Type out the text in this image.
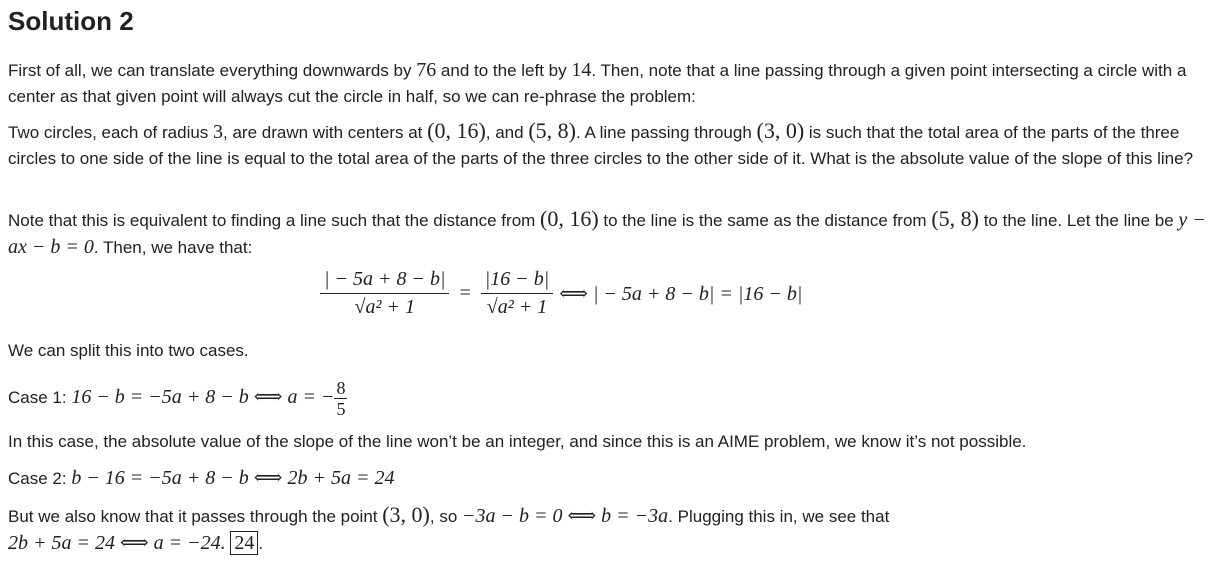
Solution 2

First of all, we can translate everything downwards by 76 and to the left by 14. Then, note that a line passing through a given point intersecting a circle with a center as that given point will always cut the circle in half, so we can re-phrase the problem:

Two circles, each of radius 3, are drawn with centers at (0, 16), and (5, 8). A line passing through (3, 0) is such that the total area of the parts of the three circles to one side of the line is equal to the total area of the parts of the three circles to the other side of it. What is the absolute value of the slope of this line?

Note that this is equivalent to finding a line such that the distance from (0, 16) to the line is the same as the distance from (5, 8) to the line. Let the line be y − ax − b = 0. Then, we have that:

$\frac{| - 5a + 8 - b|}{\text{√a² + 1}} = \frac{|16 - b|}{\text{√a² + 1}}$ ⟺ | − 5a + 8 − b| = |16 − b|

We can split this into two cases.

Case 1: 16 − b = −5a + 8 − b ⟺ a = − $\frac{8}{5}$

In this case, the absolute value of the slope of the line won’t be an integer, and since this is an AIME problem, we know it’s not possible.

Case 2: b − 16 = −5a + 8 − b ⟺ 2b + 5a = 24

But we also know that it passes through the point (3, 0), so −3a − b = 0 ⟺ b = −3a. Plugging this in, we see that
2b + 5a = 24 ⟺ a = −24. 24 .
